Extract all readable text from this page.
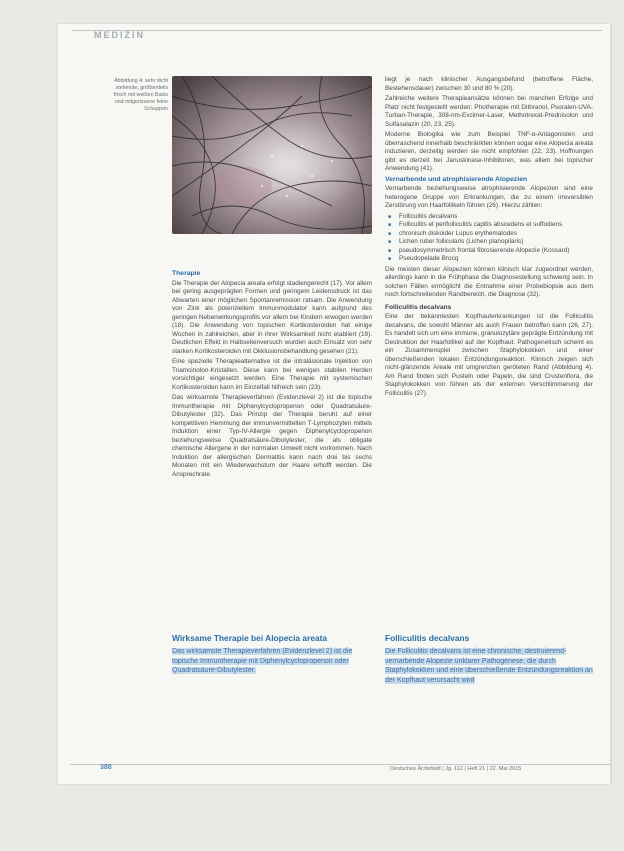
MEDIZIN
Abbildung 4: sehr dicht stehende, größtenteils frisch mit weißen Basis und mitgerissene feine Schuppen
Therapie

Die Therapie der Alopecia areata erfolgt stadiengerecht (17). Vor allem bei gering ausgeprägten Formen und geringem Leidensdruck ist das Abwarten einer möglichen Spontanremission ratsam. Die Anwendung von Zink als potenziellem Immunmodulator kann aufgrund des geringen Nebenwirkungsprofils vor allem bei Kindern erwogen werden (18). Die Anwendung von topischen Kortikosteroiden hat einige Wochen in zahlreichen, aber in ihrer Wirksamkeit nicht etabliert (19). Deutlichen Effekt in Halbseitenversuch wurden auch Einsatz von sehr starken Kortikosteroiden mit Okklusionsbehandlung gesehen (21).

Eine spezielle Therapiealternative ist die intraläsionale Injektion von Triamcinolon-Kristallen. Diese kann bei wenigen stabilen Herden vorsichtiger eingesetzt werden. Eine Therapie mit systemischen Kortikosteroiden kann im Einzelfall hilfreich sein (23).

Das wirksamste Therapieverfahren (Evidenzlevel 2) ist die topische Immuntherapie mit Diphenylcyclopropenon oder Quadratsäure-Dibutylester (32). Das Prinzip der Therapie beruht auf einer kompetitiven Hemmung der immunvermittelten T-Lymphozyten mittels Induktion einer Typ-IV-Allergie gegen Diphenylcyclopropenon beziehungsweise Quadratsäure-Dibutylester, die als obligate chemische Allergene in der normalen Umwelt nicht vorkommen. Nach Induktion der allergischen Dermatitis kann nach drei bis sechs Monaten mit ein Wiederwachstum der Haare erhofft werden. Die Ansprechrate

liegt je nach klinischer Ausgangsbefund (betroffene Fläche, Bestehensdauer) zwischen 30 und 80 % (20).

Zahlreiche weitere Therapieansätze können bei manchen Erfolge und Platz nicht festgestellt werden: Photherapie mit Dithranol, Psoralen-UVA-Turban-Therapie, 308-nm-Excimer-Laser, Methotrexat-Prednisolon und Sulfasalazin (20, 23, 25).

Moderne Biologika wie zum Beispiel TNF-α-Antagonisten und überraschend innerhalb beschränkten können sogar eine Alopecia areata induzieren, derzeitig werden sie nicht empfohlen (22, 23). Hoffnungen gibt es derzeit bei Januskinase-Inhibitoren, was allem bei topischer Anwendung (41).

Vernarbende und atrophisierende Alopezien

Vernarbende beziehungsweise atrophisierende Alopezien sind eine heterogene Gruppe von Erkrankungen, die zu einem irreversiblen Zerstörung von Haarfollikeln führen (26). Hierzu zählen:

■ Folliculitis decalvans
■ Folliculitis et perifolliculitis capitis abscedens et suffodiens
■ chronisch diskoider Lupus erythematodes
■ Lichen ruber follicularis (Lichen planopilaris)
■ pseudosymmetrisch frontal fibrosierende Alopezie (Kossard)
■ Pseudopelade Brocq

Die meisten dieser Alopezien können klinisch klar zugeordnet werden, allerdings kann in die Frühphase die Diagnosestellung schwierig sein. In solchen Fällen ermöglicht die Entnahme einer Probebiopsie aus dem noch fortschreitenden Randbereich, die Diagnose (32).

Folliculitis decalvans

Eine der bekanntesten Kopfhauterkrankungen ist die Folliculitis decalvans, die sowohl Männer als auch Frauen betroffen kann (26, 27). Es handelt sich um eine immune, granulozytäre geprägte Entzündung mit Destruktion der Haarfollikel auf der Kopfhaut. Pathogenetisch scheint es ein Zusammenspiel zwischen Staphylokokken und einer überschießenden lokalen Entzündungsreaktion. Klinisch zeigen sich nicht-glänzende Areale mit umgrenzten geröteten Rand (Abbildung 4). Am Rand finden sich Pusteln oder Papeln, die sind Crustenflora, die Staphylokokken von führen als der externen Verschlimmerung der Folliculitis (27).

Wirksame Therapie bei Alopecia areata
Das wirksamste Therapieverfahren (Evidenzlevel 2) ist die topische Immuntherapie mit Diphenylcyclopropenon oder Quadratsäure-Dibutylester.
Folliculitis decalvans
Die Folliculitis decalvans ist eine chronische, destruierend-vernarbende Alopezie unklarer Pathogenese, die durch Staphylokokken und eine überschießende Entzündungsreaktion an der Kopfhaut verursacht wird
388	Deutsches Ärzteblatt | Jg. 112 | Heft 21 | 22. Mai 2015
